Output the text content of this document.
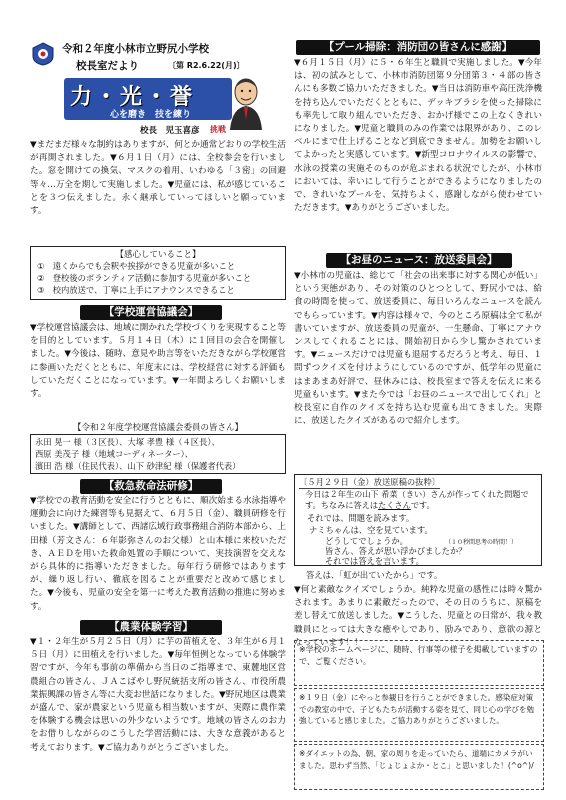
令和２年度小林市立野尻小学校
校長室だより	〔第 R2.6.22(月)〕
力・光・誉
心を磨き　技を練り
校長　児玉喜彦 挑戦

▼まだまだ様々な制約はありますが、何とか通常どおりの学校生活が再開されました。▼６月１日（月）には、全校参会を行いました。窓を開けての換気、マスクの着用、いわゆる「３密」の回避等々…万全を期して実施しました。▼児童には、私が感じていることを３つ伝えました。永く継承していってほしいと願っています。

【感心していること】
①　遠くからでも会釈や挨拶ができる児童が多いこと
②　登校後のボランティア活動に参加する児童が多いこと
③　校内放送で、丁寧に上手にアナウンスできること
【学校運営協議会】

▼学校運営協議会は、地域に開かれた学校づくりを実現すること等を目的としています。５月１４日（木）に１回目の会合を開催しました。▼今後は、随時、意見や助言等をいただきながら学校運営に参画いただくとともに、年度末には、学校経営に対する評価もしていただくことになっています。▼一年間よろしくお願いします。

【令和２年度学校運営協議会委員の皆さん】
永田 晃一 様（３区長）、大塚 孝豊 様（４区長）、
西原 美茂子 様（地域コーディネーター）、
濱田 浩 様（住民代表）、山下 砂津紀 様（保護者代表）
【救急救命法研修】

▼学校での教育活動を安全に行うとともに、順次始まる水泳指導や運動会に向けた練習等も見据えて、６月５日（金）、職員研修を行いました。▼講師として、西諸広域行政事務組合消防本部から、上田様（芳文さん：６年影弥さんのお父様）と山本様に来校いただき、ＡＥＤを用いた救命処置の手順について、実技演習を交えながら具体的に指導いただきました。毎年行う研修ではありますが、繰り返し行い、徹底を図ることが重要だと改めて感じました。▼今後も、児童の安全を第一に考えた教育活動の推進に努めます。

【農業体験学習】

▼１・２年生が５月２５日（月）に芋の苗植えを、３年生が６月１５日（月）に田植えを行いました。▼毎年恒例となっている体験学習ですが、今年も事前の準備から当日のご指導まで、東麓地区営農組合の皆さん、ＪＡこばやし野尻統括支所の皆さん、市役所農業振興課の皆さん等に大変お世話になりました。▼野尻地区は農業が盛んで、家が農家という児童も相当数いますが、実際に農作業を体験する機会は思いの外少ないようです。地域の皆さんのお力をお借りしながらのこうした学習活動には、大きな意義があると考えております。▼ご協力ありがとうございました。

【プール掃除：消防団の皆さんに感謝】

▼６月１５日（月）に５・６年生と職員で実施しました。▼今年は、初の試みとして、小林市消防団第９分団第３・４部の皆さんにも多数ご協力いただきました。▼当日は消防車や高圧洗浄機を持ち込んでいただくとともに、デッキブラシを使った掃除にも率先して取り組んでいただき、おかげ様でこの上なくきれいになりました。▼児童と職員のみの作業では限界があり、このレベルにまで仕上げることなど到底できません。加勢をお願いしてよかったと実感しています。▼新型コロナウイルスの影響で、水泳の授業の実施そのものが危ぶまれる状況でしたが、小林市においては、幸いにして行うことができるようになりましたので、きれいなプールを、気持ちよく、感謝しながら使わせていただきます。▼ありがとうございました。

【お昼のニュース：放送委員会】

▼小林市の児童は、総じて「社会の出来事に対する関心が低い」という実態があり、その対策のひとつとして、野尻小では、給食の時間を使って、放送委員に、毎日いろんなニュースを読んでもらっています。▼内容は様々で、今のところ原稿は全て私が書いていますが、放送委員の児童が、一生懸命、丁寧にアナウンスしてくれることには、開始初日から少し驚かされています。▼ニュースだけでは児童も退屈するだろうと考え、毎日、１問ずつクイズを付けようにしているのですが、低学年の児童にはまあまあ好評で、昼休みには、校長室まで答えを伝えに来る児童もいます。▼また今では「お昼のニュースで出してくれ」と校長室に自作のクイズを持ち込む児童も出てきました。実際に、放送したクイズがあるので紹介します。

〔５月２９日（金）放送原稿の抜粋〕
今日は２年生の山下 希菜（きい）さんが作ってくれた問題です。ちなみに答えはたくさんです。
それでは、問題を読みます。
ナミちゃんは、空を見ています。
どうしてでしょうか。	（１０秒間思考の時間！）
皆さん、答えが思い浮かびましたか？
それでは答えを言います。
答えは、「虹が出ていたから」です。

▼何と素敵なクイズでしょうか。純粋な児童の感性には時々驚かされます。あまりに素敵だったので、その日のうちに、原稿を差し替えて放送しました。▼こうした、児童との日常が、我々教職員にとっては大きな癒やしであり、励みであり、意欲の源となっています！！

※学校のホームページに、随時、行事等の様子を掲載していますので、ご覧ください。
※１９日（金）にやっと参観日を行うことができました。感染症対策での教室の中で、子どもたちが活動する姿を見て、同じ心の学びを勉強していると感じました。ご協力ありがとうございました。
※ダイエットの為、朝、家の周りを走っていたら、道端にカメラがいました。思わず当然、「じょじょよか・とこ」と思いました！(^o^)/
